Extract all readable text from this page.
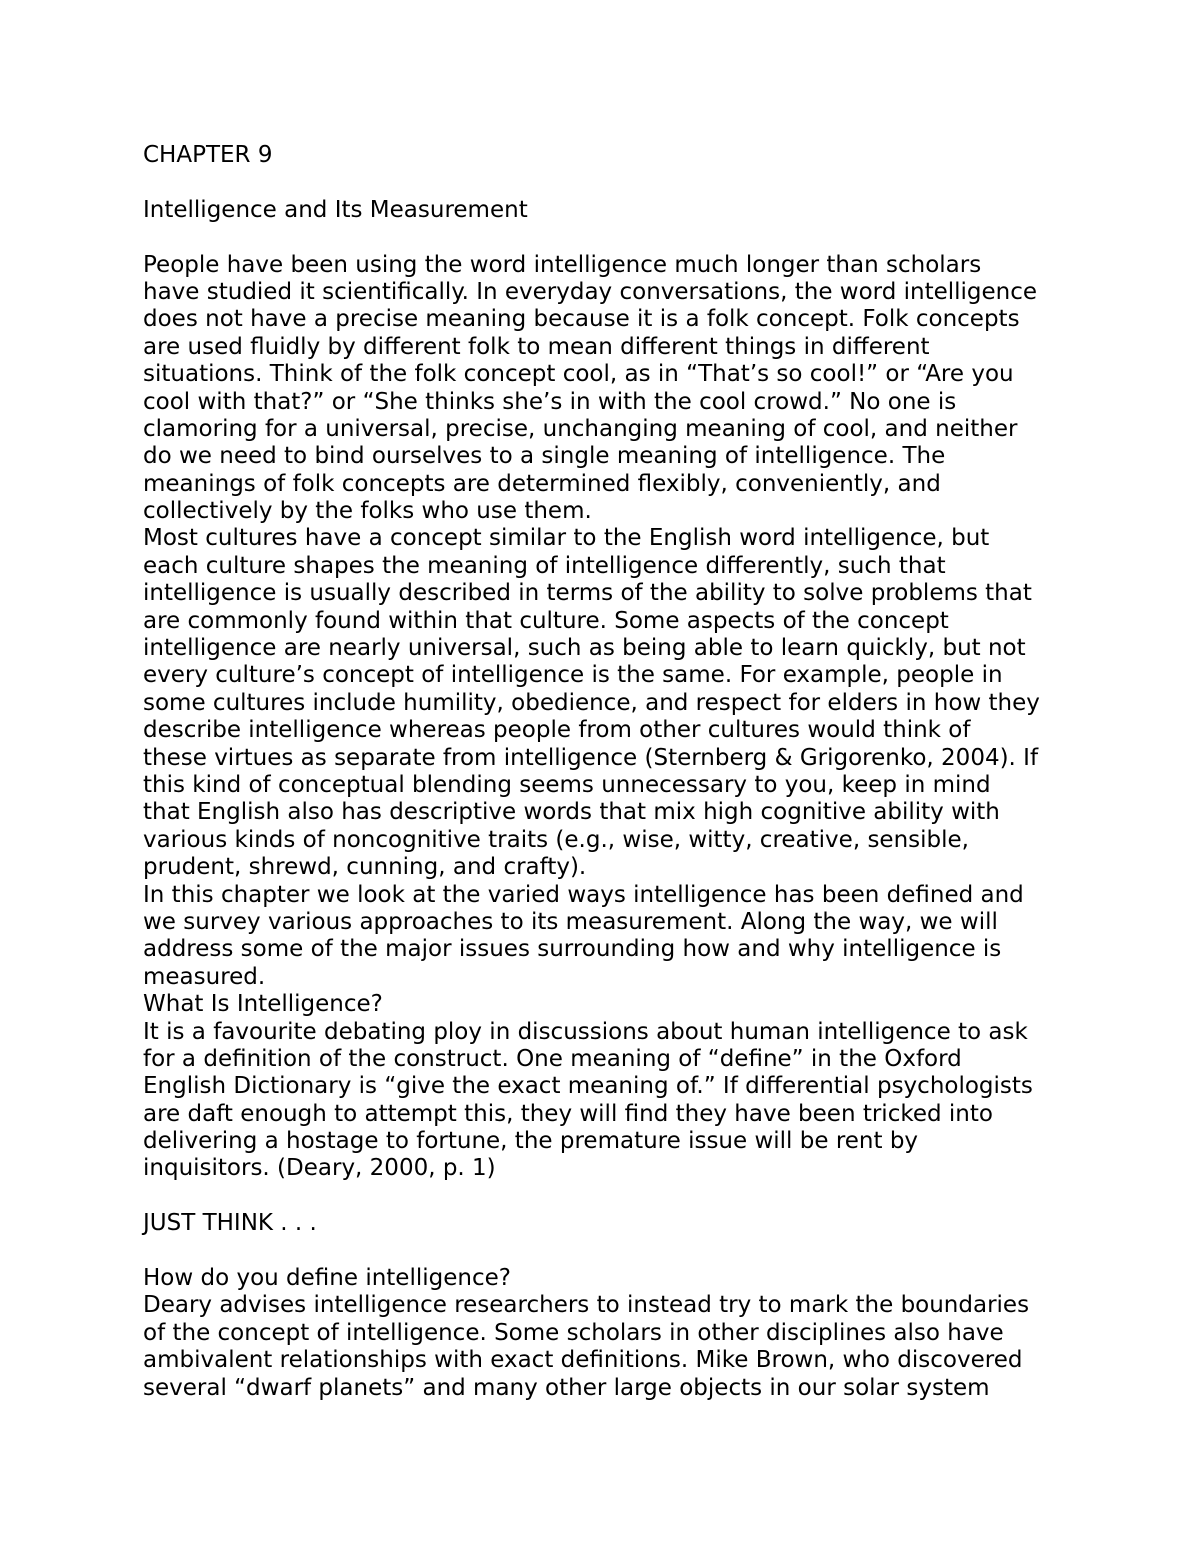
CHAPTER 9
Intelligence and Its Measurement
People have been using the word intelligence much longer than scholars
have studied it scientifically. In everyday conversations, the word intelligence
does not have a precise meaning because it is a folk concept. Folk concepts
are used fluidly by different folk to mean different things in different
situations. Think of the folk concept cool, as in “That’s so cool!” or “Are you
cool with that?” or “She thinks she’s in with the cool crowd.” No one is
clamoring for a universal, precise, unchanging meaning of cool, and neither
do we need to bind ourselves to a single meaning of intelligence. The
meanings of folk concepts are determined flexibly, conveniently, and
collectively by the folks who use them.
Most cultures have a concept similar to the English word intelligence, but
each culture shapes the meaning of intelligence differently, such that
intelligence is usually described in terms of the ability to solve problems that
are commonly found within that culture. Some aspects of the concept
intelligence are nearly universal, such as being able to learn quickly, but not
every culture’s concept of intelligence is the same. For example, people in
some cultures include humility, obedience, and respect for elders in how they
describe intelligence whereas people from other cultures would think of
these virtues as separate from intelligence (Sternberg & Grigorenko, 2004). If
this kind of conceptual blending seems unnecessary to you, keep in mind
that English also has descriptive words that mix high cognitive ability with
various kinds of noncognitive traits (e.g., wise, witty, creative, sensible,
prudent, shrewd, cunning, and crafty).
In this chapter we look at the varied ways intelligence has been defined and
we survey various approaches to its measurement. Along the way, we will
address some of the major issues surrounding how and why intelligence is
measured.
What Is Intelligence?
It is a favourite debating ploy in discussions about human intelligence to ask
for a definition of the construct. One meaning of “define” in the Oxford
English Dictionary is “give the exact meaning of.” If differential psychologists
are daft enough to attempt this, they will find they have been tricked into
delivering a hostage to fortune, the premature issue will be rent by
inquisitors. (Deary, 2000, p. 1)
JUST THINK . . .
How do you define intelligence?
Deary advises intelligence researchers to instead try to mark the boundaries
of the concept of intelligence. Some scholars in other disciplines also have
ambivalent relationships with exact definitions. Mike Brown, who discovered
several “dwarf planets” and many other large objects in our solar system
